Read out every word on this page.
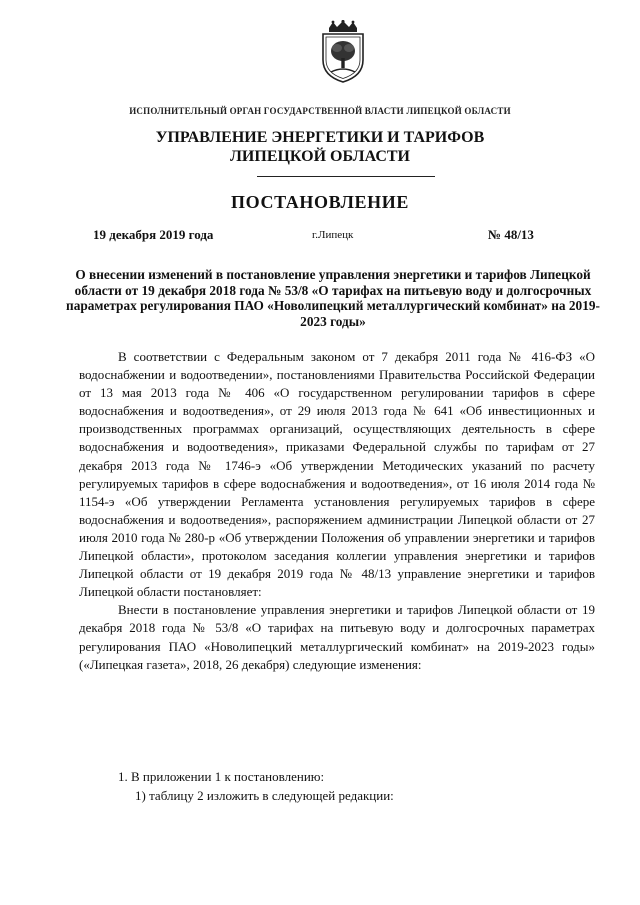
ИСПОЛНИТЕЛЬНЫЙ ОРГАН ГОСУДАРСТВЕННОЙ ВЛАСТИ ЛИПЕЦКОЙ ОБЛАСТИ
УПРАВЛЕНИЕ ЭНЕРГЕТИКИ И ТАРИФОВ
ЛИПЕЦКОЙ ОБЛАСТИ
ПОСТАНОВЛЕНИЕ
19 декабря 2019 года	г.Липецк	№ 48/13
О внесении изменений в постановление управления энергетики и тарифов Липецкой области от 19 декабря 2018 года № 53/8 «О тарифах на питьевую воду и долгосрочных параметрах регулирования ПАО «Новолипецкий металлургический комбинат» на 2019-2023 годы»

В соответствии с Федеральным законом от 7 декабря 2011 года № 416-ФЗ «О водоснабжении и водоотведении», постановлениями Правительства Российской Федерации от 13 мая 2013 года № 406 «О государственном регулировании тарифов в сфере водоснабжения и водоотведения», от 29 июля 2013 года № 641 «Об инвестиционных и производственных программах организаций, осуществляющих деятельность в сфере водоснабжения и водоотведения», приказами Федеральной службы по тарифам от 27 декабря 2013 года № 1746-э «Об утверждении Методических указаний по расчету регулируемых тарифов в сфере водоснабжения и водоотведения», от 16 июля 2014 года № 1154-э «Об утверждении Регламента установления регулируемых тарифов в сфере водоснабжения и водоотведения», распоряжением администрации Липецкой области от 27 июля 2010 года № 280-р «Об утверждении Положения об управлении энергетики и тарифов Липецкой области», протоколом заседания коллегии управления энергетики и тарифов Липецкой области от 19 декабря 2019 года № 48/13 управление энергетики и тарифов Липецкой области постановляет:

Внести в постановление управления энергетики и тарифов Липецкой области от 19 декабря 2018 года № 53/8 «О тарифах на питьевую воду и долгосрочных параметрах регулирования ПАО «Новолипецкий металлургический комбинат» на 2019-2023 годы» («Липецкая газета», 2018, 26 декабря) следующие изменения:

1. В приложении 1 к постановлению:
1) таблицу 2 изложить в следующей редакции:
